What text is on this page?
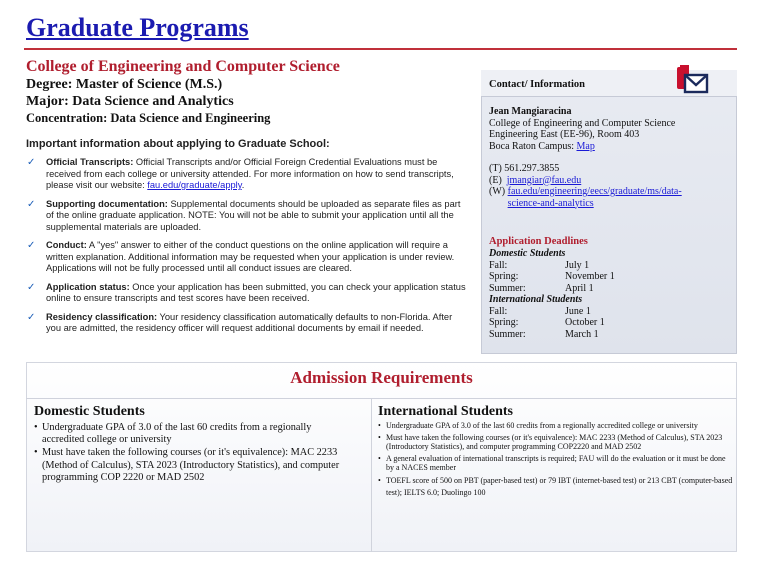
Graduate Programs
College of Engineering and Computer Science
Degree: Master of Science (M.S.)
Major: Data Science and Analytics
Concentration: Data Science and Engineering
Important information about applying to Graduate School:
✓ Official Transcripts: Official Transcripts and/or Official Foreign Credential Evaluations must be received from each college or university attended. For more information on how to send transcripts, please visit our website: fau.edu/graduate/apply.
✓ Supporting documentation: Supplemental documents should be uploaded as separate files as part of the online graduate application. NOTE: You will not be able to submit your application until all the supplemental materials are uploaded.
✓ Conduct: A "yes" answer to either of the conduct questions on the online application will require a written explanation. Additional information may be requested when your application is under review. Applications will not be fully processed until all conduct issues are cleared.
✓ Application status: Once your application has been submitted, you can check your application status online to ensure transcripts and test scores have been received.
✓ Residency classification: Your residency classification automatically defaults to non-Florida. After you are admitted, the residency officer will request additional documents by email if needed.
Contact/ Information
Jean Mangiaracina
College of Engineering and Computer Science
Engineering East (EE-96), Room 403
Boca Raton Campus: Map
(T) 561.297.3855
(E)  jmangiar@fau.edu
(W) fau.edu/engineering/eecs/graduate/ms/data-
science-and-analytics
Application Deadlines
Domestic Students
Fall:	July 1
Spring:	November 1
Summer:	April 1
International Students
Fall:	June 1
Spring:	October 1
Summer:	March 1
Admission Requirements
Domestic Students
• Undergraduate GPA of 3.0 of the last 60 credits from a regionally accredited college or university
• Must have taken the following courses (or it's equivalence): MAC 2233 (Method of Calculus), STA 2023 (Introductory Statistics), and computer programming COP 2220 or MAD 2502
International Students
• Undergraduate GPA of 3.0 of the last 60 credits from a regionally accredited college or university
• Must have taken the following courses (or it's equivalence): MAC 2233 (Method of Calculus), STA 2023 (Introductory Statistics), and computer programming COP2220 and MAD 2502
• A general evaluation of international transcripts is required; FAU will do the evaluation or it must be done by a NACES member
• TOEFL score of 500 on PBT (paper-based test) or 79 IBT (internet-based test) or 213 CBT (computer-based test); IELTS 6.0; Duolingo 100
